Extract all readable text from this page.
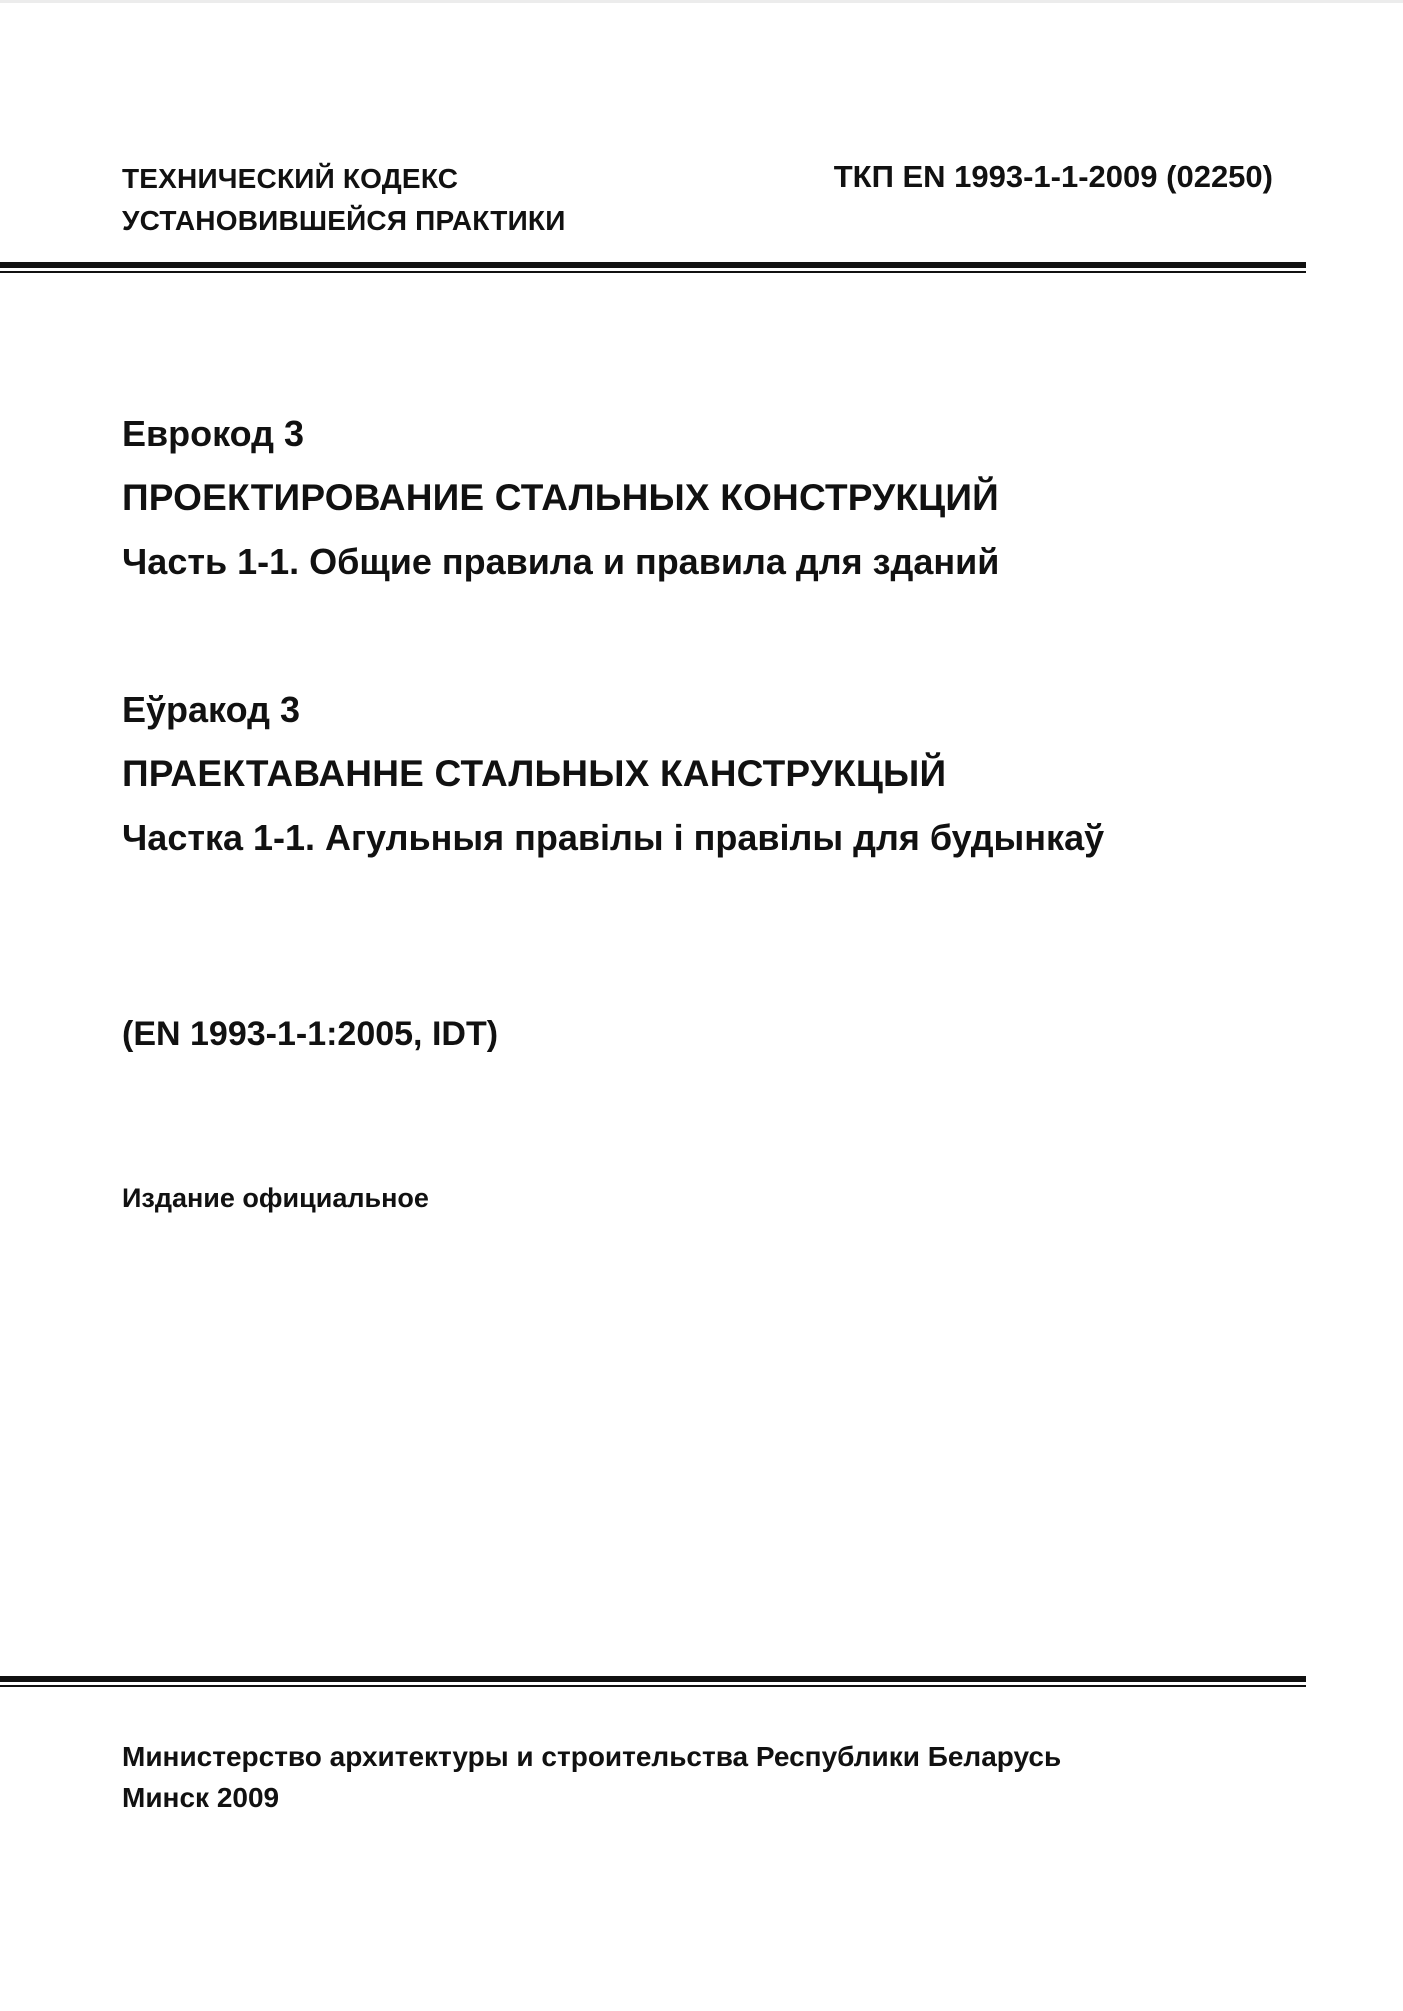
ТЕХНИЧЕСКИЙ КОДЕКС
УСТАНОВИВШЕЙСЯ ПРАКТИКИ
ТКП EN 1993-1-1-2009 (02250)
Еврокод 3
ПРОЕКТИРОВАНИЕ СТАЛЬНЫХ КОНСТРУКЦИЙ
Часть 1-1. Общие правила и правила для зданий
Еўракод 3
ПРАЕКТАВАННЕ СТАЛЬНЫХ КАНСТРУКЦЫЙ
Частка 1-1. Агульныя правілы і правілы для будынкаў
(EN 1993-1-1:2005, IDT)
Издание официальное
Министерство архитектуры и строительства Республики Беларусь
Минск 2009
